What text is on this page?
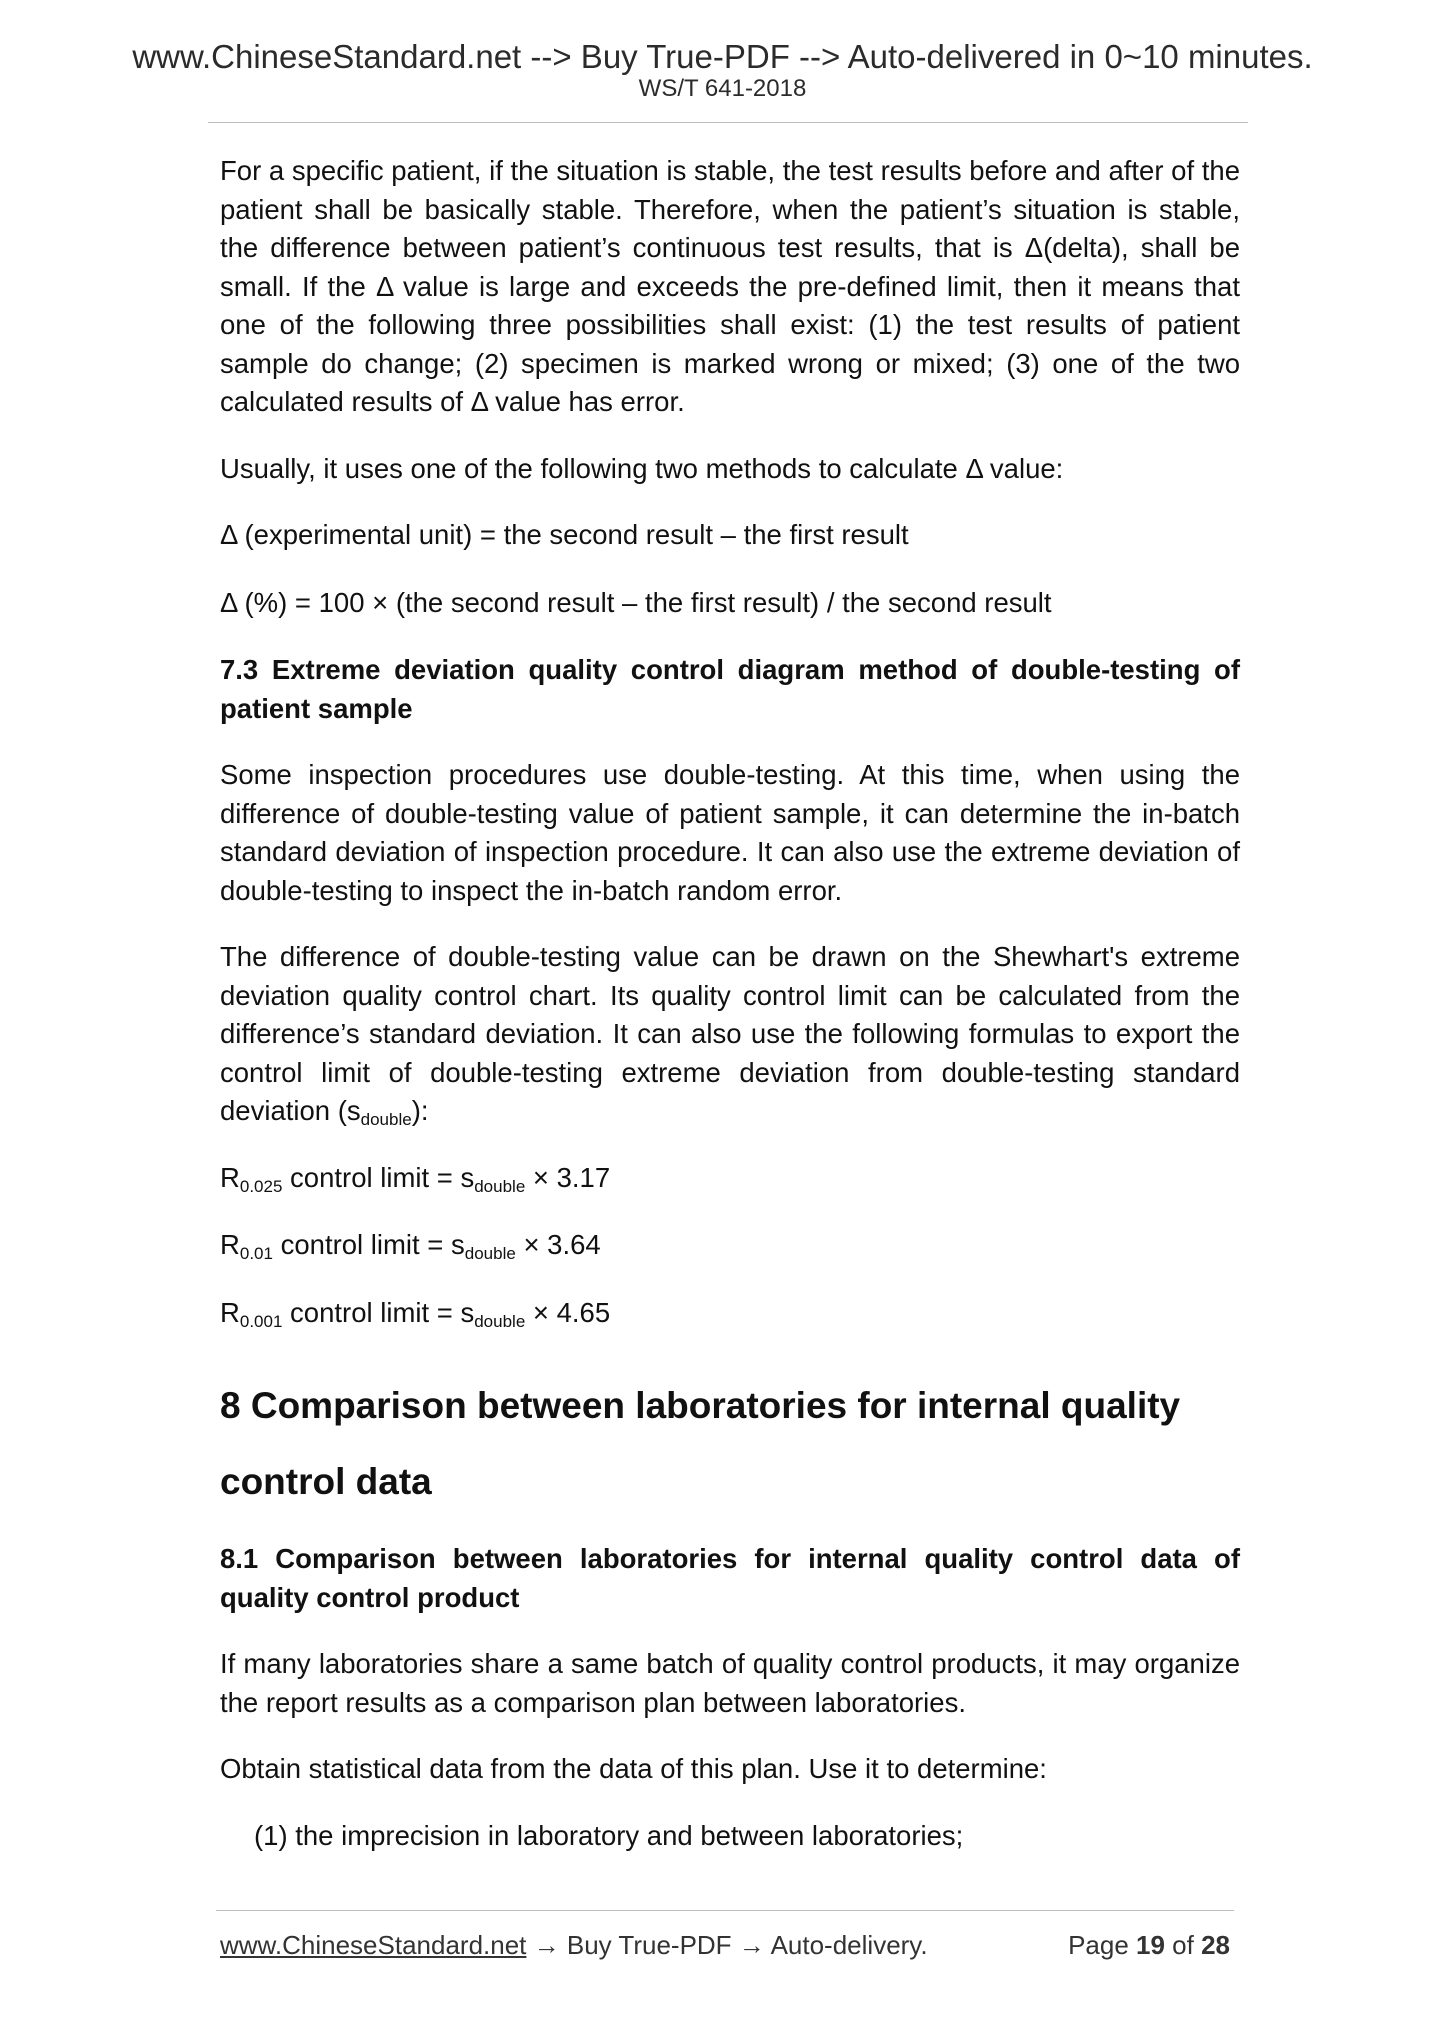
www.ChineseStandard.net --> Buy True-PDF --> Auto-delivered in 0~10 minutes.

WS/T 641-2018

For a specific patient, if the situation is stable, the test results before and after of the patient shall be basically stable. Therefore, when the patient’s situation is stable, the difference between patient’s continuous test results, that is Δ(delta), shall be small. If the Δ value is large and exceeds the pre-defined limit, then it means that one of the following three possibilities shall exist: (1) the test results of patient sample do change; (2) specimen is marked wrong or mixed; (3) one of the two calculated results of Δ value has error.

Usually, it uses one of the following two methods to calculate Δ value:

Δ (experimental unit) = the second result – the first result

Δ (%) = 100 × (the second result – the first result) / the second result

7.3 Extreme deviation quality control diagram method of double-testing of patient sample

Some inspection procedures use double-testing. At this time, when using the difference of double-testing value of patient sample, it can determine the in-batch standard deviation of inspection procedure. It can also use the extreme deviation of double-testing to inspect the in-batch random error.

The difference of double-testing value can be drawn on the Shewhart's extreme deviation quality control chart. Its quality control limit can be calculated from the difference’s standard deviation. It can also use the following formulas to export the control limit of double-testing extreme deviation from double-testing standard deviation $(s_{double})$:

$R_{0.025}$ control limit = $s_{double} \times 3.17$

$R_{0.01}$ control limit = $s_{double} \times 3.64$

$R_{0.001}$ control limit = $s_{double} \times 4.65$

8 Comparison between laboratories for internal quality control data

8.1 Comparison between laboratories for internal quality control data of quality control product

If many laboratories share a same batch of quality control products, it may organize the report results as a comparison plan between laboratories.

Obtain statistical data from the data of this plan. Use it to determine:

(1) the imprecision in laboratory and between laboratories;

www.ChineseStandard.net → Buy True-PDF → Auto-delivery.	Page 19 of 28
